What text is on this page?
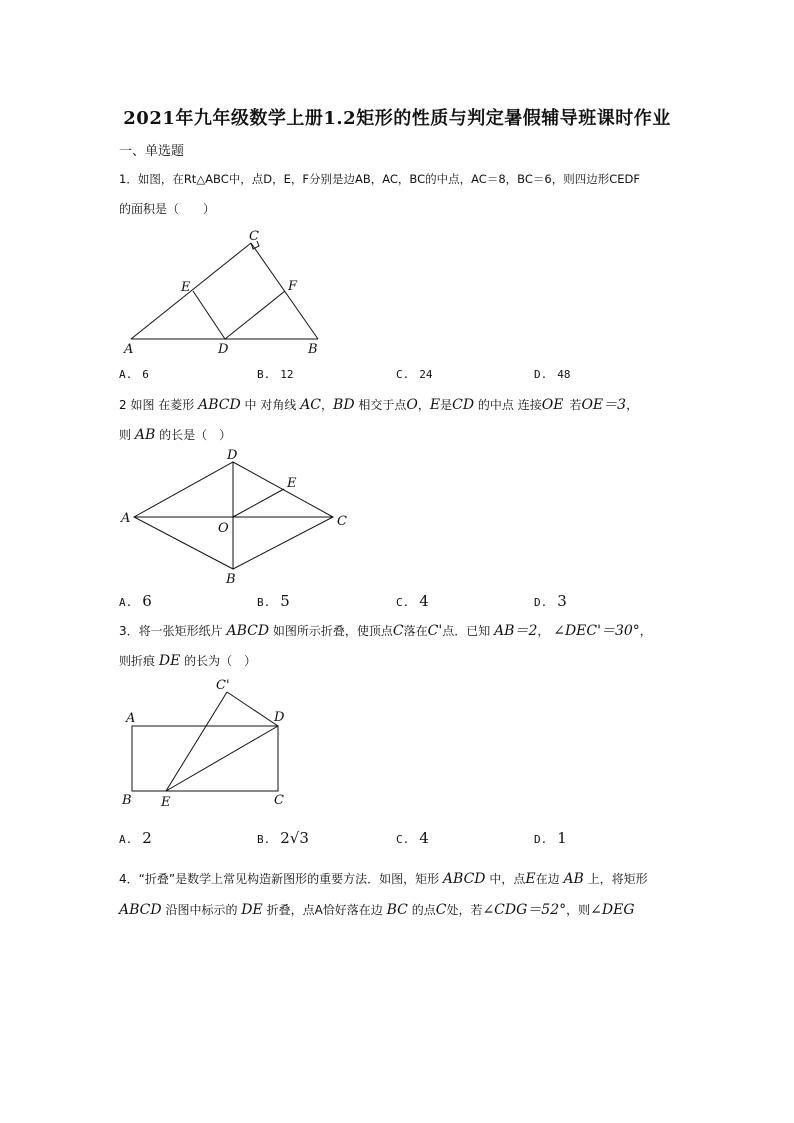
2021年九年级数学上册1.2矩形的性质与判定暑假辅导班课时作业
一、单选题
1．如图，在Rt△ABC中，点D，E，F分别是边AB，AC，BC的中点，AC＝8，BC＝6，则四边形CEDF
的面积是（　　）
A	D	B
C
E	F
A. 6	B. 12	C. 24	D. 48
2 如图 在菱形 ABCD 中 对角线 AC，BD 相交于点O，E是CD 的中点 连接OE  若OE＝3，
则 AB 的长是（　）
A
D
E
C
O
B
A. 6	B. 5	C. 4	D. 3
3．将一张矩形纸片 ABCD 如图所示折叠，使顶点C落在C'点．已知 AB＝2， ∠DEC'＝30°，
则折痕 DE 的长为（　）
A
C'
D
B E	C
A. 2	B. 2√3	C. 4	D. 1
4．“折叠”是数学上常见构造新图形的重要方法．如图，矩形 ABCD 中，点E在边 AB 上，将矩形
ABCD 沿图中标示的 DE 折叠，点A恰好落在边 BC 的点C处，若∠CDG＝52°，则∠DEG
